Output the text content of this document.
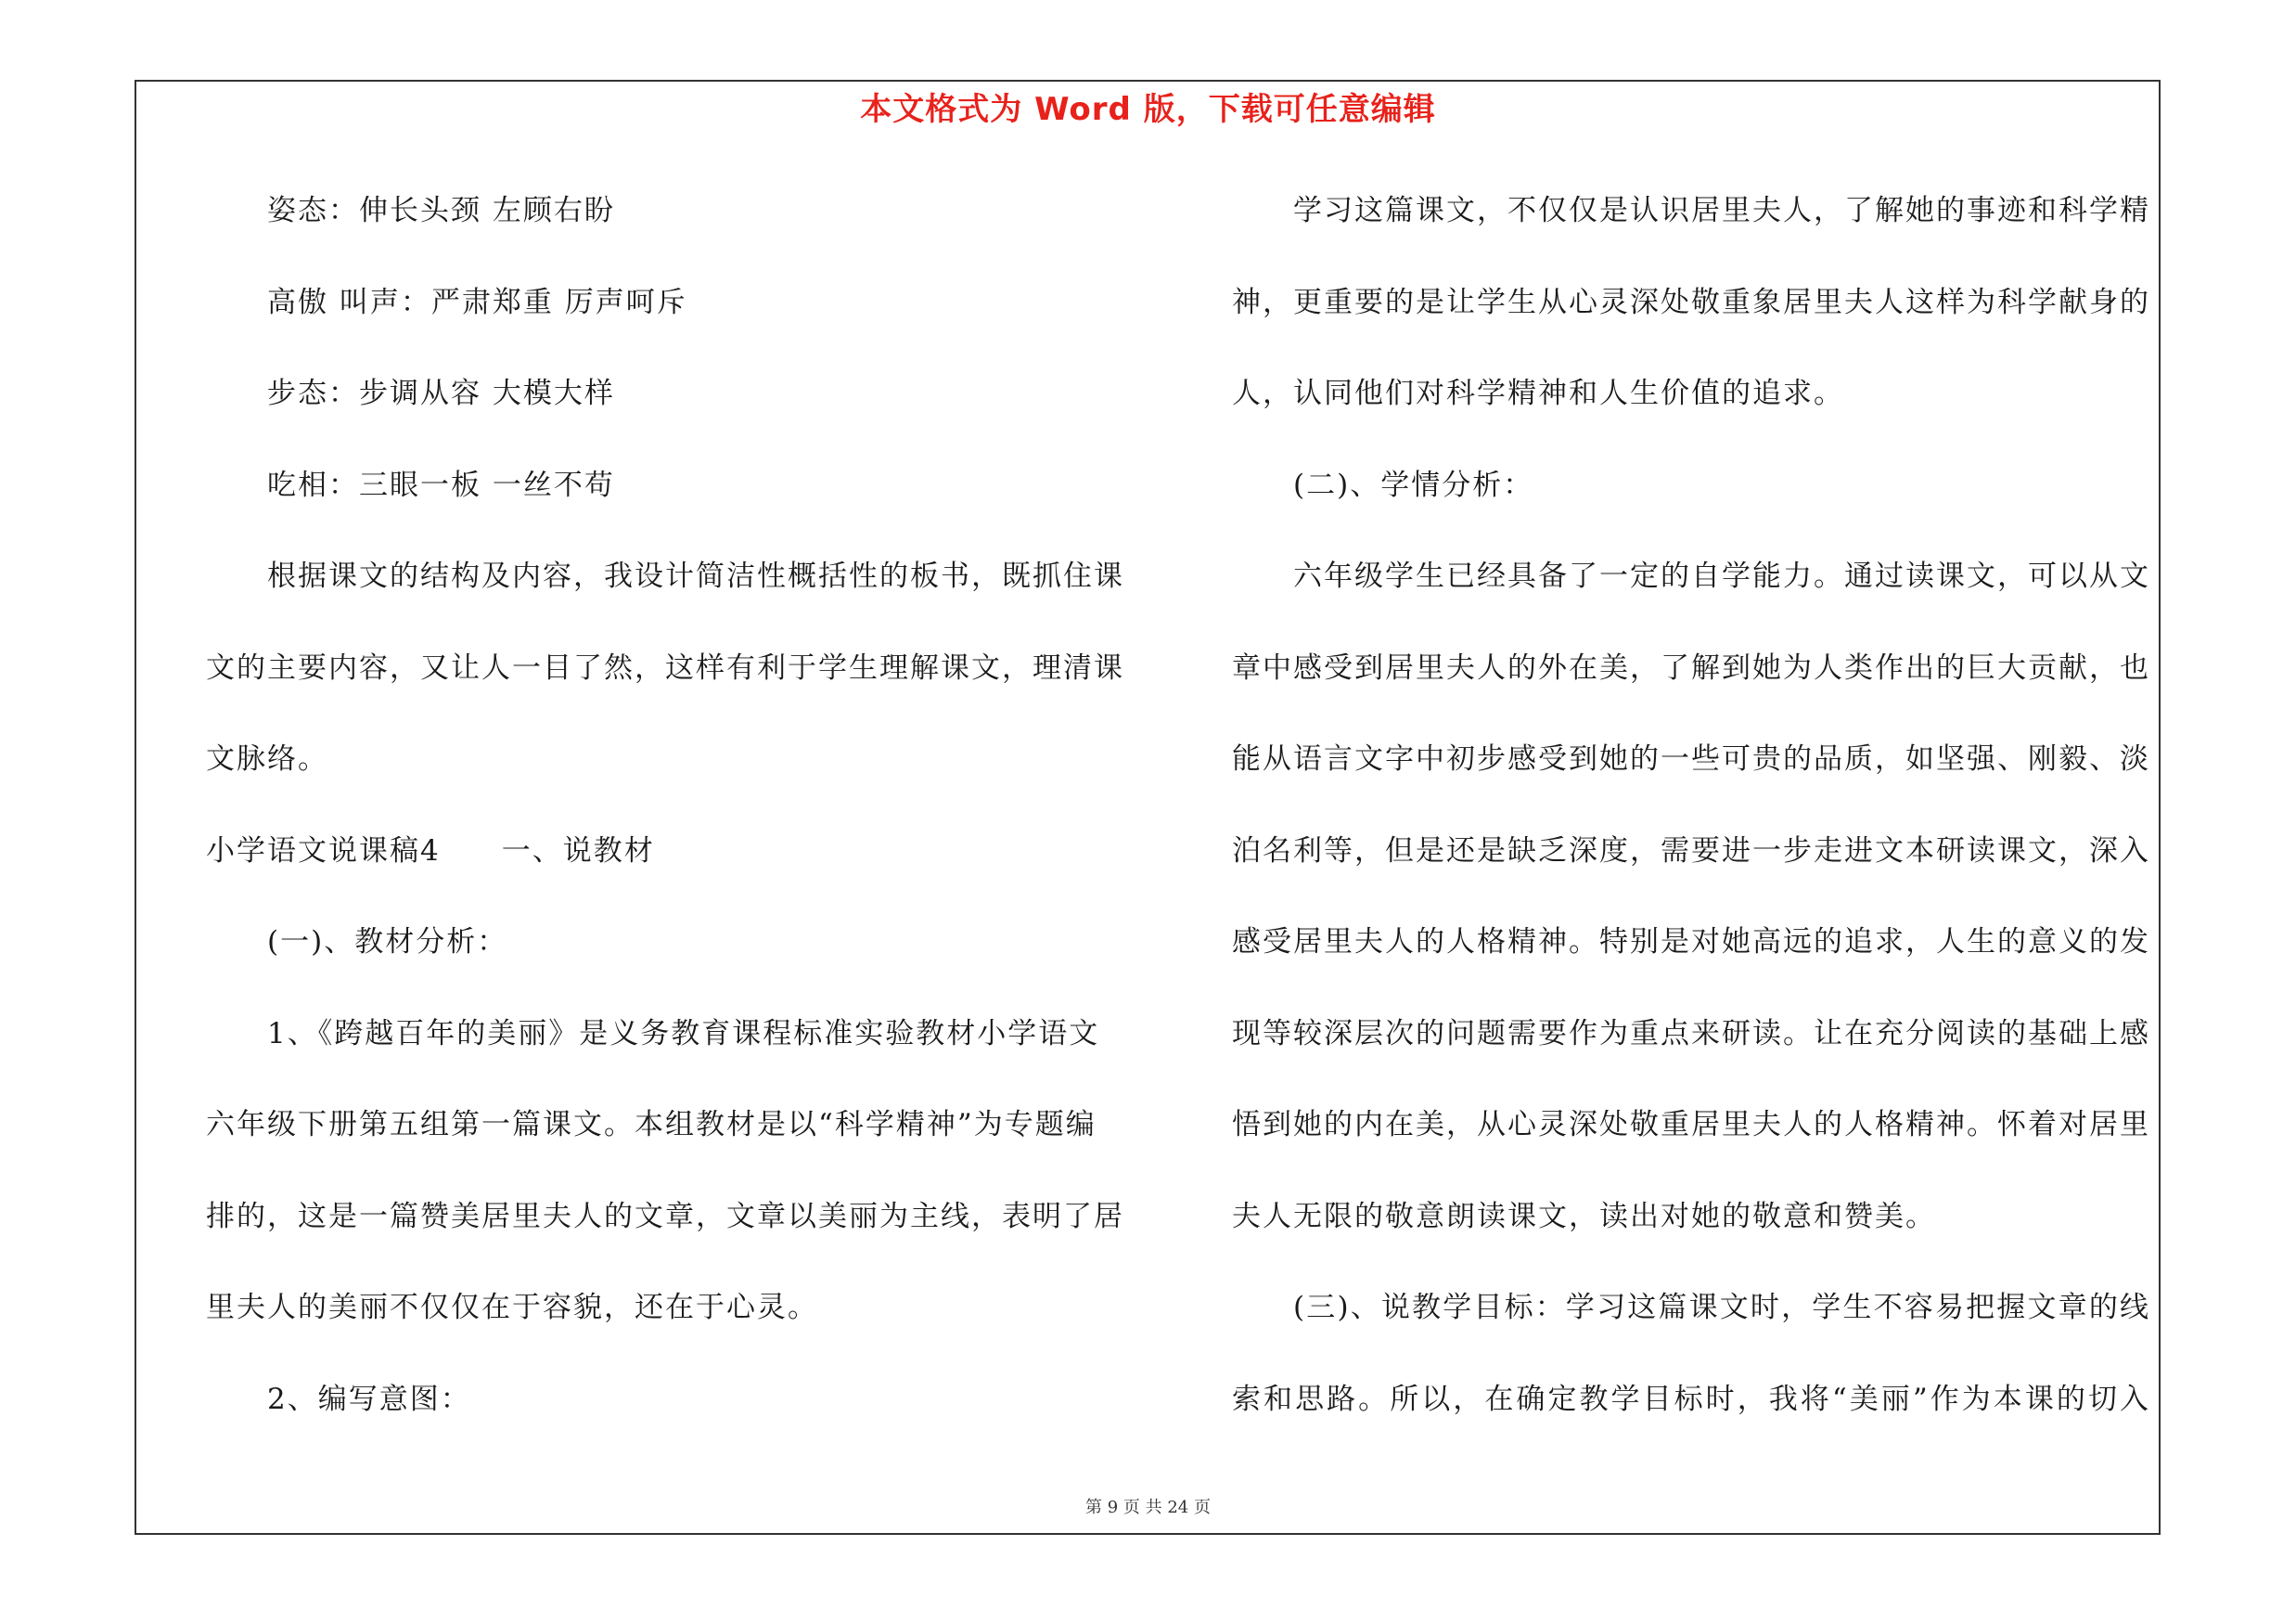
本文格式为 Word 版，下载可任意编辑
姿态：伸长头颈 左顾右盼
高傲 叫声：严肃郑重 厉声呵斥
步态：步调从容 大模大样
吃相：三眼一板 一丝不苟
根据课文的结构及内容，我设计简洁性概括性的板书，既抓住课
文的主要内容，又让人一目了然，这样有利于学生理解课文，理清课
文脉络。
小学语文说课稿4 一、说教材
(一)、教材分析：
1、《跨越百年的美丽》是义务教育课程标准实验教材小学语文
六年级下册第五组第一篇课文。本组教材是以“科学精神”为专题编
排的，这是一篇赞美居里夫人的文章，文章以美丽为主线，表明了居
里夫人的美丽不仅仅在于容貌，还在于心灵。
2、编写意图：
学习这篇课文，不仅仅是认识居里夫人，了解她的事迹和科学精
神，更重要的是让学生从心灵深处敬重象居里夫人这样为科学献身的
人，认同他们对科学精神和人生价值的追求。
(二)、学情分析：
六年级学生已经具备了一定的自学能力。通过读课文，可以从文
章中感受到居里夫人的外在美，了解到她为人类作出的巨大贡献，也
能从语言文字中初步感受到她的一些可贵的品质，如坚强、刚毅、淡
泊名利等，但是还是缺乏深度，需要进一步走进文本研读课文，深入
感受居里夫人的人格精神。特别是对她高远的追求，人生的意义的发
现等较深层次的问题需要作为重点来研读。让在充分阅读的基础上感
悟到她的内在美，从心灵深处敬重居里夫人的人格精神。怀着对居里
夫人无限的敬意朗读课文，读出对她的敬意和赞美。
(三)、说教学目标：学习这篇课文时，学生不容易把握文章的线
索和思路。所以，在确定教学目标时，我将“美丽”作为本课的切入
第 9 页 共 24 页
